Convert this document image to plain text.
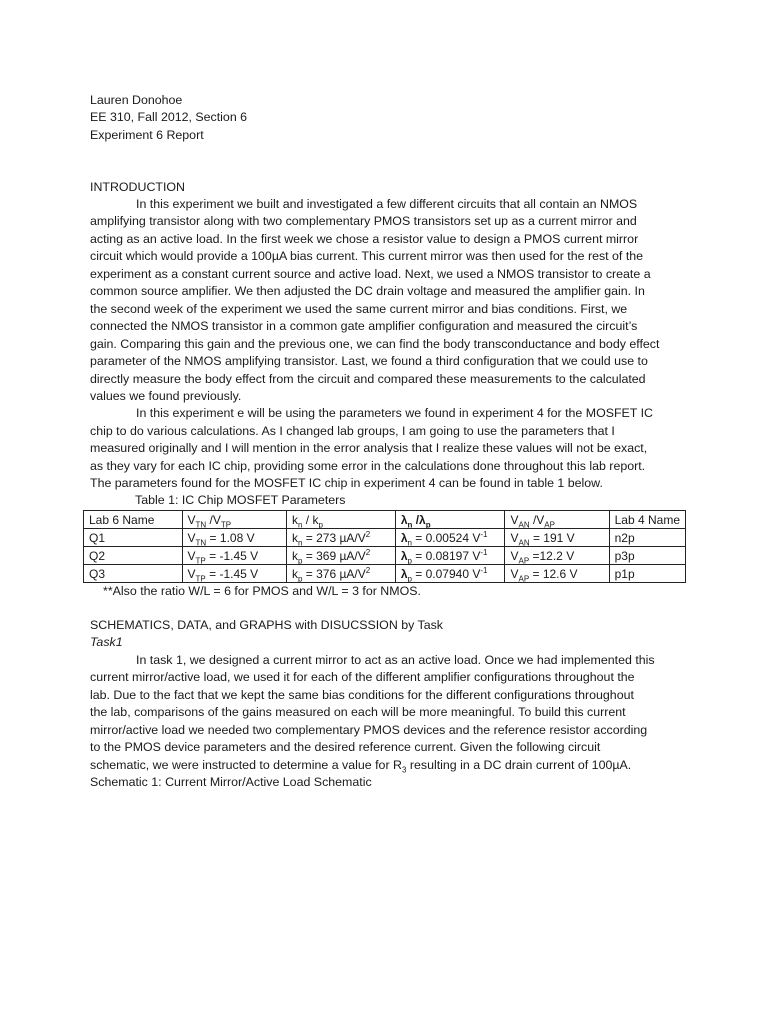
Lauren Donohoe
EE 310, Fall 2012, Section 6
Experiment 6 Report
INTRODUCTION
In this experiment we built and investigated a few different circuits that all contain an NMOS
amplifying transistor along with two complementary PMOS transistors set up as a current mirror and
acting as an active load. In the first week we chose a resistor value to design a PMOS current mirror
circuit which would provide a 100µA bias current. This current mirror was then used for the rest of the
experiment as a constant current source and active load. Next, we used a NMOS transistor to create a
common source amplifier. We then adjusted the DC drain voltage and measured the amplifier gain. In
the second week of the experiment we used the same current mirror and bias conditions. First, we
connected the NMOS transistor in a common gate amplifier configuration and measured the circuit’s
gain. Comparing this gain and the previous one, we can find the body transconductance and body effect
parameter of the NMOS amplifying transistor. Last, we found a third configuration that we could use to
directly measure the body effect from the circuit and compared these measurements to the calculated
values we found previously.
In this experiment e will be using the parameters we found in experiment 4 for the MOSFET IC
chip to do various calculations. As I changed lab groups, I am going to use the parameters that I
measured originally and I will mention in the error analysis that I realize these values will not be exact,
as they vary for each IC chip, providing some error in the calculations done throughout this lab report.
The parameters found for the MOSFET IC chip in experiment 4 can be found in table 1 below.
Table 1: IC Chip MOSFET Parameters
Lab 6 Name	$V_{TN}$ $/V_{TP}$	$k_n / k_p$	$\lambda_n$ $/\lambda_p$	$V_{AN}$ $/V_{AP}$	Lab 4 Name
Q1	$V_{TN} = 1.08$ V	$k_n = 273$ $\mu A/V^2$	$\lambda_n = 0.00524$ $V^{-1}$	$V_{AN} = 191$ V	n2p
Q2	$V_{TP} = -1.45$ V	$k_p = 369$ $\mu A/V^2$	$\lambda_p = 0.08197$ $V^{-1}$	$V_{AP} =12.2$ V	p3p
Q3	$V_{TP} = -1.45$ V	$k_p = 376$ $\mu A/V^2$	$\lambda_p = 0.07940$ $V^{-1}$	$V_{AP} = 12.6$ V	p1p
**Also the ratio W/L = 6 for PMOS and W/L = 3 for NMOS.
SCHEMATICS, DATA, and GRAPHS with DISUCSSION by Task
Task1
In task 1, we designed a current mirror to act as an active load. Once we had implemented this
current mirror/active load, we used it for each of the different amplifier configurations throughout the
lab. Due to the fact that we kept the same bias conditions for the different configurations throughout
the lab, comparisons of the gains measured on each will be more meaningful. To build this current
mirror/active load we needed two complementary PMOS devices and the reference resistor according
to the PMOS device parameters and the desired reference current. Given the following circuit
schematic, we were instructed to determine a value for $R_3$ resulting in a DC drain current of 100µA.
Schematic 1: Current Mirror/Active Load Schematic
